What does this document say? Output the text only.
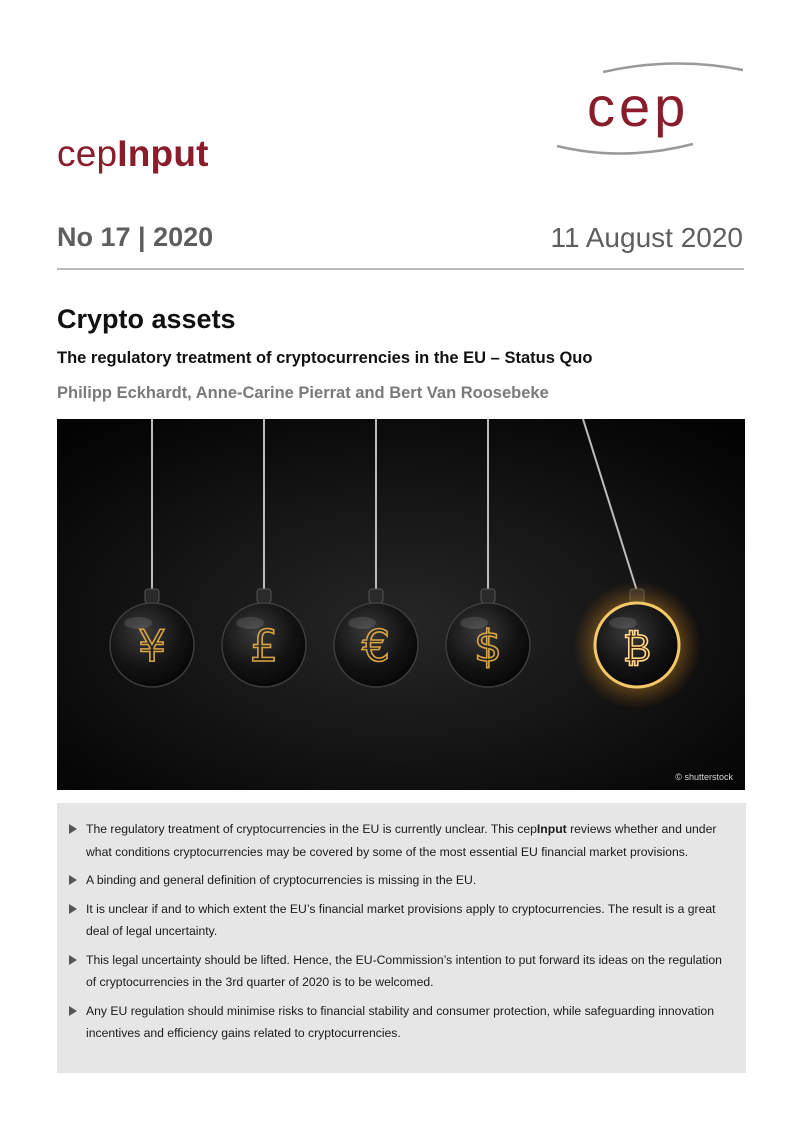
cepInput
cep
No 17 | 2020	11 August 2020
Crypto assets
The regulatory treatment of cryptocurrencies in the EU – Status Quo
Philipp Eckhardt, Anne-Carine Pierrat and Bert Van Roosebeke
¥ £ € $	₿
© shutterstock
The regulatory treatment of cryptocurrencies in the EU is currently unclear. This cepInput reviews whether and under what conditions cryptocurrencies may be covered by some of the most essential EU financial market provisions.
A binding and general definition of cryptocurrencies is missing in the EU.
It is unclear if and to which extent the EU’s financial market provisions apply to cryptocurrencies. The result is a great deal of legal uncertainty.
This legal uncertainty should be lifted. Hence, the EU-Commission’s intention to put forward its ideas on the regulation of cryptocurrencies in the 3rd quarter of 2020 is to be welcomed.
Any EU regulation should minimise risks to financial stability and consumer protection, while safeguarding innovation incentives and efficiency gains related to cryptocurrencies.
